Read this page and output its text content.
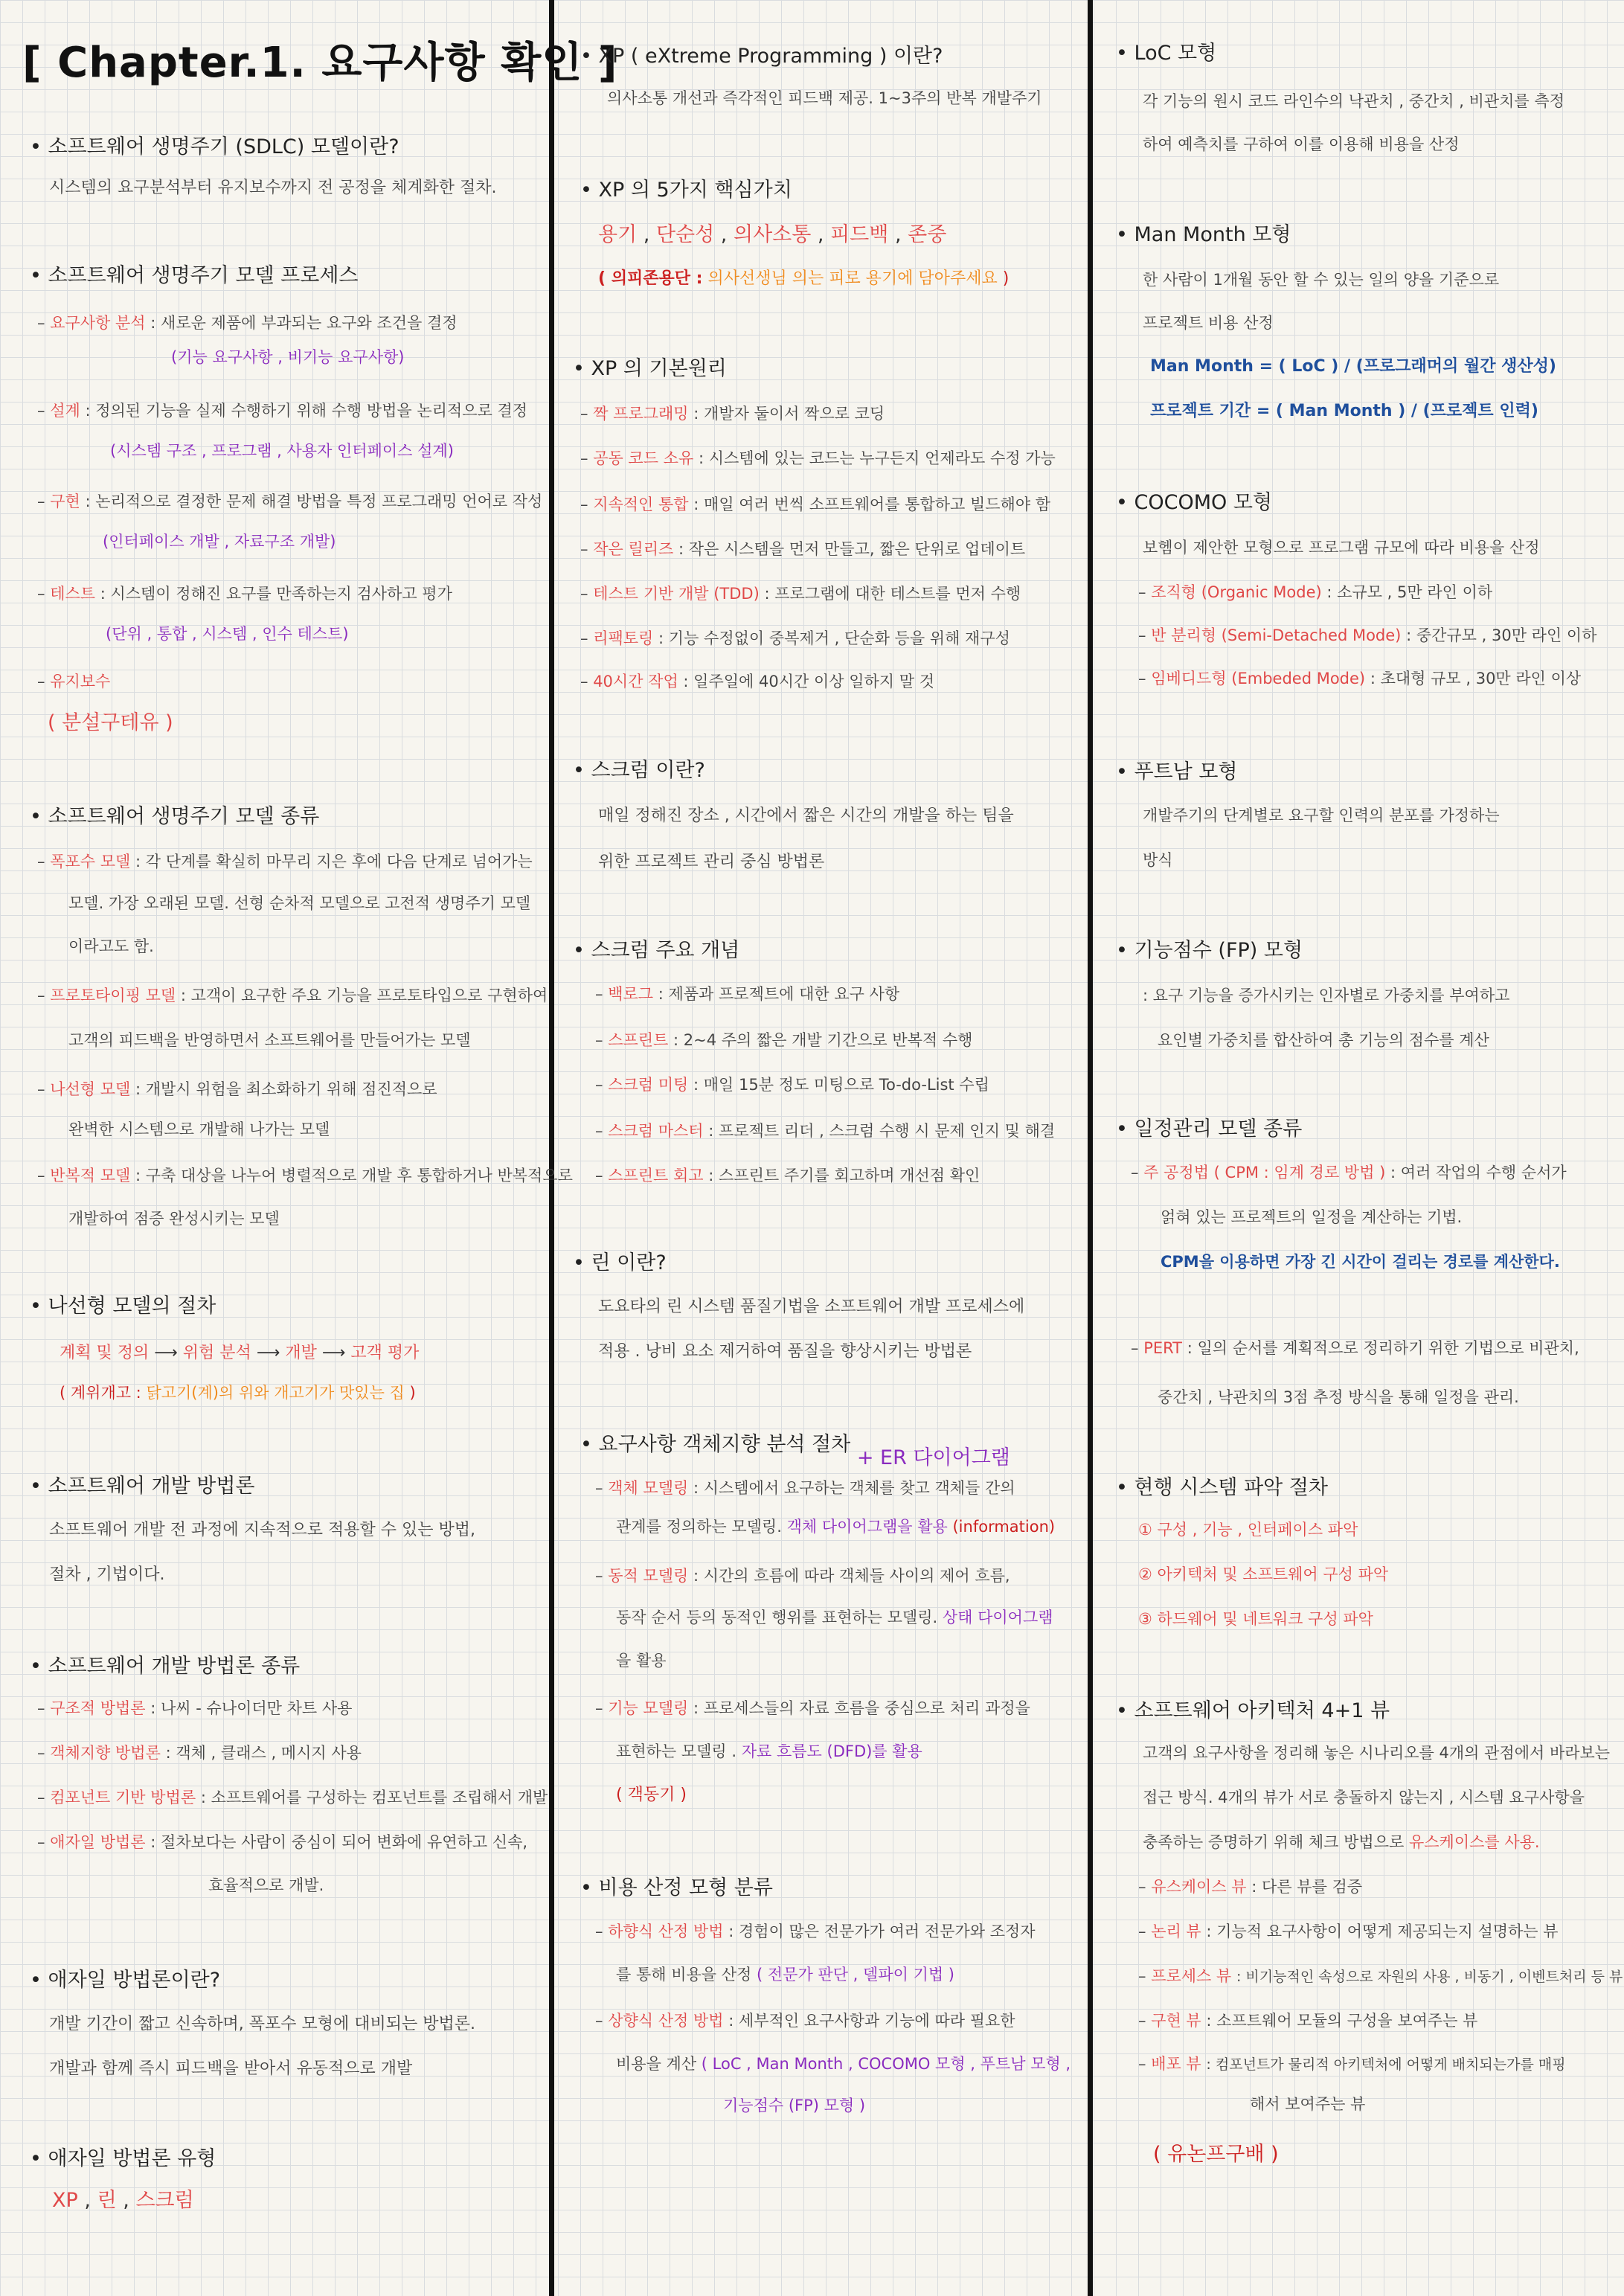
[ Chapter.1. 요구사항 확인 ]
• 소프트웨어 생명주기 (SDLC) 모델이란?
시스템의 요구분석부터 유지보수까지 전 공정을 체계화한 절차.
• 소프트웨어 생명주기 모델 프로세스
– 요구사항 분석 : 새로운 제품에 부과되는 요구와 조건을 결정
(기능 요구사항 , 비기능 요구사항)
– 설계 : 정의된 기능을 실제 수행하기 위해 수행 방법을 논리적으로 결정
(시스템 구조 , 프로그램 , 사용자 인터페이스 설계)
– 구현 : 논리적으로 결정한 문제 해결 방법을 특정 프로그래밍 언어로 작성
(인터페이스 개발 , 자료구조 개발)
– 테스트 : 시스템이 정해진 요구를 만족하는지 검사하고 평가
(단위 , 통합 , 시스템 , 인수 테스트)
– 유지보수
( 분설구테유 )
• 소프트웨어 생명주기 모델 종류
– 폭포수 모델 : 각 단계를 확실히 마무리 지은 후에 다음 단계로 넘어가는
모델. 가장 오래된 모델. 선형 순차적 모델으로 고전적 생명주기 모델
이라고도 함.
– 프로토타이핑 모델 : 고객이 요구한 주요 기능을 프로토타입으로 구현하여
고객의 피드백을 반영하면서 소프트웨어를 만들어가는 모델
– 나선형 모델 : 개발시 위험을 최소화하기 위해 점진적으로
완벽한 시스템으로 개발해 나가는 모델
– 반복적 모델 : 구축 대상을 나누어 병렬적으로 개발 후 통합하거나 반복적으로
개발하여 점증 완성시키는 모델
• 나선형 모델의 절차
계획 및 정의 ⟶ 위험 분석 ⟶ 개발 ⟶ 고객 평가
( 계위개고 : 닭고기(계)의 위와 개고기가 맛있는 집 )
• 소프트웨어 개발 방법론
소프트웨어 개발 전 과정에 지속적으로 적용할 수 있는 방법,
절차 , 기법이다.
• 소프트웨어 개발 방법론 종류
– 구조적 방법론 : 나씨 - 슈나이더만 차트 사용
– 객체지향 방법론 : 객체 , 클래스 , 메시지 사용
– 컴포넌트 기반 방법론 : 소프트웨어를 구성하는 컴포넌트를 조립해서 개발
– 애자일 방법론 : 절차보다는 사람이 중심이 되어 변화에 유연하고 신속,
효율적으로 개발.
• 애자일 방법론이란?
개발 기간이 짧고 신속하며, 폭포수 모형에 대비되는 방법론.
개발과 함께 즉시 피드백을 받아서 유동적으로 개발
• 애자일 방법론 유형
XP , 린 , 스크럼
• XP ( eXtreme Programming ) 이란?
의사소통 개선과 즉각적인 피드백 제공. 1~3주의 반복 개발주기
• XP 의 5가지 핵심가치
용기 , 단순성 , 의사소통 , 피드백 , 존중
( 의피존용단 : 의사선생님 의는 피로 용기에 담아주세요 )
• XP 의 기본원리
– 짝 프로그래밍 : 개발자 둘이서 짝으로 코딩
– 공동 코드 소유 : 시스템에 있는 코드는 누구든지 언제라도 수정 가능
– 지속적인 통합 : 매일 여러 번씩 소프트웨어를 통합하고 빌드해야 함
– 작은 릴리즈 : 작은 시스템을 먼저 만들고, 짧은 단위로 업데이트
– 테스트 기반 개발 (TDD) : 프로그램에 대한 테스트를 먼저 수행
– 리팩토링 : 기능 수정없이 중복제거 , 단순화 등을 위해 재구성
– 40시간 작업 : 일주일에 40시간 이상 일하지 말 것
• 스크럼 이란?
매일 정해진 장소 , 시간에서 짧은 시간의 개발을 하는 팀을
위한 프로젝트 관리 중심 방법론
• 스크럼 주요 개념
– 백로그 : 제품과 프로젝트에 대한 요구 사항
– 스프린트 : 2~4 주의 짧은 개발 기간으로 반복적 수행
– 스크럼 미팅 : 매일 15분 정도 미팅으로 To-do-List 수립
– 스크럼 마스터 : 프로젝트 리더 , 스크럼 수행 시 문제 인지 및 해결
– 스프린트 회고 : 스프린트 주기를 회고하며 개선점 확인
• 린 이란?
도요타의 린 시스템 품질기법을 소프트웨어 개발 프로세스에
적용 . 낭비 요소 제거하여 품질을 향상시키는 방법론
• 요구사항 객체지향 분석 절차 + ER 다이어그램
– 객체 모델링 : 시스템에서 요구하는 객체를 찾고 객체들 간의
관계를 정의하는 모델링. 객체 다이어그램을 활용 (information)
– 동적 모델링 : 시간의 흐름에 따라 객체들 사이의 제어 흐름,
동작 순서 등의 동적인 행위를 표현하는 모델링. 상태 다이어그램
을 활용
– 기능 모델링 : 프로세스들의 자료 흐름을 중심으로 처리 과정을
표현하는 모델링 . 자료 흐름도 (DFD)를 활용
( 객동기 )
• 비용 산정 모형 분류
– 하향식 산정 방법 : 경험이 많은 전문가가 여러 전문가와 조정자
를 통해 비용을 산정 ( 전문가 판단 , 델파이 기법 )
– 상향식 산정 방법 : 세부적인 요구사항과 기능에 따라 필요한
비용을 계산 ( LoC , Man Month , COCOMO 모형 , 푸트남 모형 ,
기능점수 (FP) 모형 )
• LoC 모형
각 기능의 원시 코드 라인수의 낙관치 , 중간치 , 비관치를 측정
하여 예측치를 구하여 이를 이용해 비용을 산정
• Man Month 모형
한 사람이 1개월 동안 할 수 있는 일의 양을 기준으로
프로젝트 비용 산정
Man Month = ( LoC ) / (프로그래머의 월간 생산성)
프로젝트 기간 = ( Man Month ) / (프로젝트 인력)
• COCOMO 모형
보헴이 제안한 모형으로 프로그램 규모에 따라 비용을 산정
– 조직형 (Organic Mode) : 소규모 , 5만 라인 이하
– 반 분리형 (Semi-Detached Mode) : 중간규모 , 30만 라인 이하
– 임베디드형 (Embeded Mode) : 초대형 규모 , 30만 라인 이상
• 푸트남 모형
개발주기의 단계별로 요구할 인력의 분포를 가정하는
방식
• 기능점수 (FP) 모형
: 요구 기능을 증가시키는 인자별로 가중치를 부여하고
요인별 가중치를 합산하여 총 기능의 점수를 계산
• 일정관리 모델 종류
– 주 공정법 ( CPM : 임계 경로 방법 ) : 여러 작업의 수행 순서가
얽혀 있는 프로젝트의 일정을 계산하는 기법.
CPM을 이용하면 가장 긴 시간이 걸리는 경로를 계산한다.
– PERT : 일의 순서를 계획적으로 정리하기 위한 기법으로 비관치,
중간치 , 낙관치의 3점 추정 방식을 통해 일정을 관리.
• 현행 시스템 파악 절차
① 구성 , 기능 , 인터페이스 파악
② 아키텍처 및 소프트웨어 구성 파악
③ 하드웨어 및 네트워크 구성 파악
• 소프트웨어 아키텍처 4+1 뷰
고객의 요구사항을 정리해 놓은 시나리오를 4개의 관점에서 바라보는
접근 방식. 4개의 뷰가 서로 충돌하지 않는지 , 시스템 요구사항을
충족하는 증명하기 위해 체크 방법으로 유스케이스를 사용.
– 유스케이스 뷰 : 다른 뷰를 검증
– 논리 뷰 : 기능적 요구사항이 어떻게 제공되는지 설명하는 뷰
– 프로세스 뷰 : 비기능적인 속성으로 자원의 사용 , 비동기 , 이벤트처리 등 뷰
– 구현 뷰 : 소프트웨어 모듈의 구성을 보여주는 뷰
– 배포 뷰 : 컴포넌트가 물리적 아키텍처에 어떻게 배치되는가를 매핑
해서 보여주는 뷰
( 유논프구배 )
